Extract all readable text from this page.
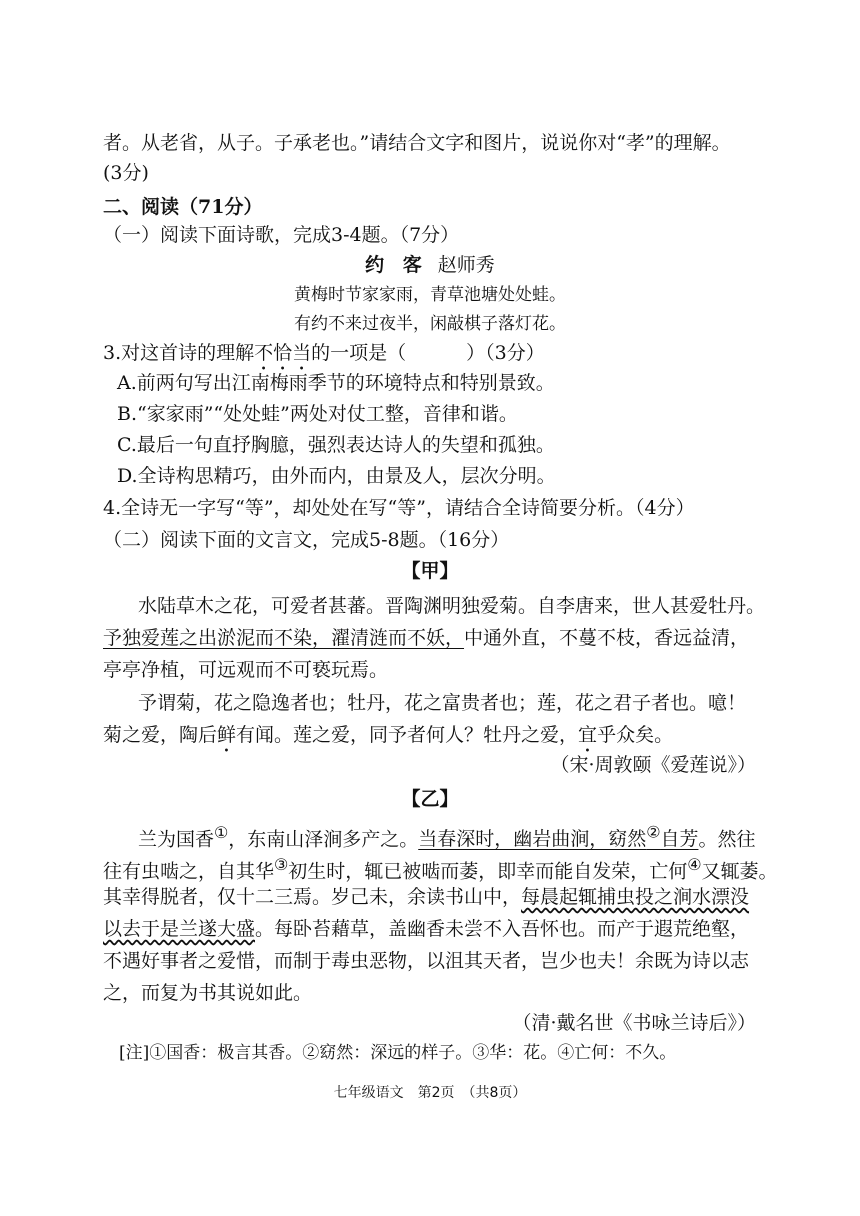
者。从老省，从子。子承老也。”请结合文字和图片，说说你对“孝”的理解。
(3分)
二、阅读（71分）
（一）阅读下面诗歌，完成3-4题。（7分）
约 客 赵师秀
黄梅时节家家雨，青草池塘处处蛙。
有约不来过夜半，闲敲棋子落灯花。
3.对这首诗的理解不恰当的一项是（	）（3分）
A.前两句写出江南梅雨季节的环境特点和特别景致。
B.“家家雨”“处处蛙”两处对仗工整，音律和谐。
C.最后一句直抒胸臆，强烈表达诗人的失望和孤独。
D.全诗构思精巧，由外而内，由景及人，层次分明。
4.全诗无一字写“等”，却处处在写“等”，请结合全诗简要分析。（4分）
（二）阅读下面的文言文，完成5-8题。（16分）
【甲】
水陆草木之花，可爱者甚蕃。晋陶渊明独爱菊。自李唐来，世人甚爱牡丹。
予独爱莲之出淤泥而不染，濯清涟而不妖，中通外直，不蔓不枝，香远益清，
亭亭净植，可远观而不可亵玩焉。
予谓菊，花之隐逸者也；牡丹，花之富贵者也；莲，花之君子者也。噫！
菊之爱，陶后鲜有闻。莲之爱，同予者何人？牡丹之爱，宜乎众矣。
（宋·周敦颐《爱莲说》）
【乙】
兰为国香①，东南山泽涧多产之。当春深时，幽岩曲涧，窈然②自芳。然往
往有虫啮之，自其华③初生时，辄已被啮而萎，即幸而能自发荣，亡何④又辄萎。
其幸得脱者，仅十二三焉。岁己未，余读书山中，每晨起辄捕虫投之涧水漂没
以去于是兰遂大盛。每卧苔藉草，盖幽香未尝不入吾怀也。而产于遐荒绝壑，
不遇好事者之爱惜，而制于毒虫恶物，以沮其天者，岂少也夫！余既为诗以志
之，而复为书其说如此。
（清·戴名世《书咏兰诗后》）
[注]①国香：极言其香。②窈然：深远的样子。③华：花。④亡何：不久。
七年级语文　第2页　（共8页）
